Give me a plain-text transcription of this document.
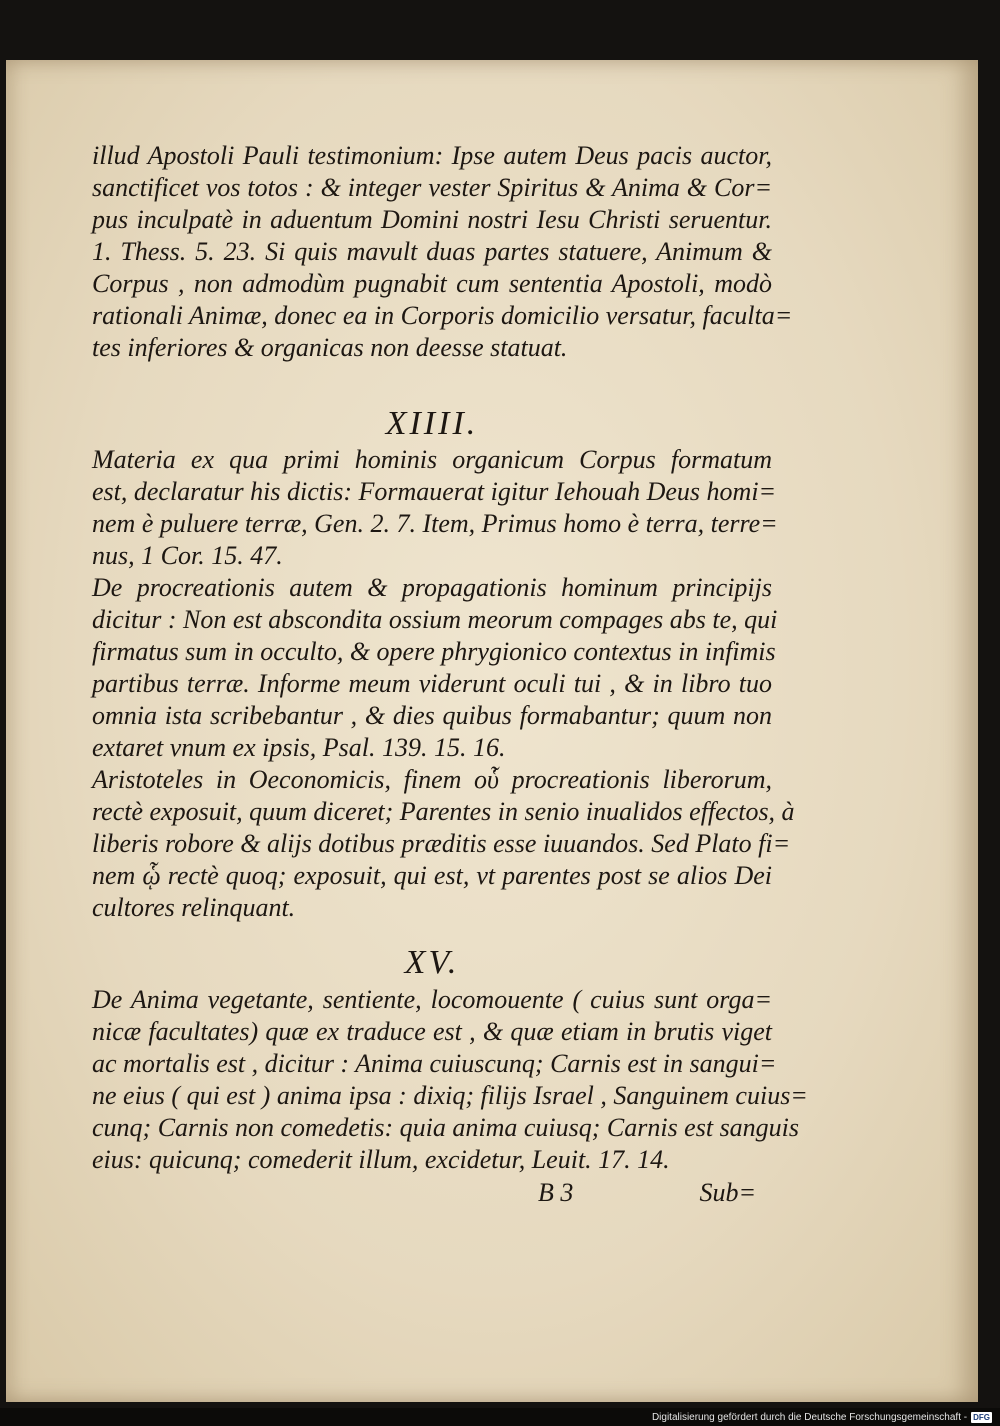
illud Apostoli Pauli testimonium: Ipse autem Deus pacis auctor,
sanctificet vos totos : & integer vester Spiritus & Anima & Cor=
pus inculpatè in aduentum Domini nostri Iesu Christi seruentur.
1. Thess. 5. 23. Si quis mavult duas partes statuere, Animum &
Corpus , non admodùm pugnabit cum sententia Apostoli, modò
rationali Animæ, donec ea in Corporis domicilio versatur, faculta=
tes inferiores & organicas non deesse statuat.
XIIII.
Materia ex qua primi hominis organicum Corpus formatum
est, declaratur his dictis: Formauerat igitur Iehouah Deus homi=
nem è puluere terræ, Gen. 2. 7. Item, Primus homo è terra, terre=
nus, 1 Cor. 15. 47.
De procreationis autem & propagationis hominum principijs
dicitur : Non est abscondita ossium meorum compages abs te, qui
firmatus sum in occulto, & opere phrygionico contextus in infimis
partibus terræ. Informe meum viderunt oculi tui , & in libro tuo
omnia ista scribebantur , & dies quibus formabantur; quum non
extaret vnum ex ipsis, Psal. 139. 15. 16.
Aristoteles in Oeconomicis, finem οὗ procreationis liberorum,
rectè exposuit, quum diceret; Parentes in senio inualidos effectos, à
liberis robore & alijs dotibus præditis esse iuuandos. Sed Plato fi=
nem ᾧ rectè quoq; exposuit, qui est, vt parentes post se alios Dei
cultores relinquant.
XV.
De Anima vegetante, sentiente, locomouente ( cuius sunt orga=
nicæ facultates) quæ ex traduce est , & quæ etiam in brutis viget
ac mortalis est , dicitur : Anima cuiuscunq; Carnis est in sangui=
ne eius ( qui est ) anima ipsa : dixiq; filijs Israel , Sanguinem cuius=
cunq; Carnis non comedetis: quia anima cuiusq; Carnis est sanguis
eius: quicunq; comederit illum, excidetur, Leuit. 17. 14.
B 3	Sub=
Digitalisierung gefördert durch die Deutsche Forschungsgemeinschaft - DFG
